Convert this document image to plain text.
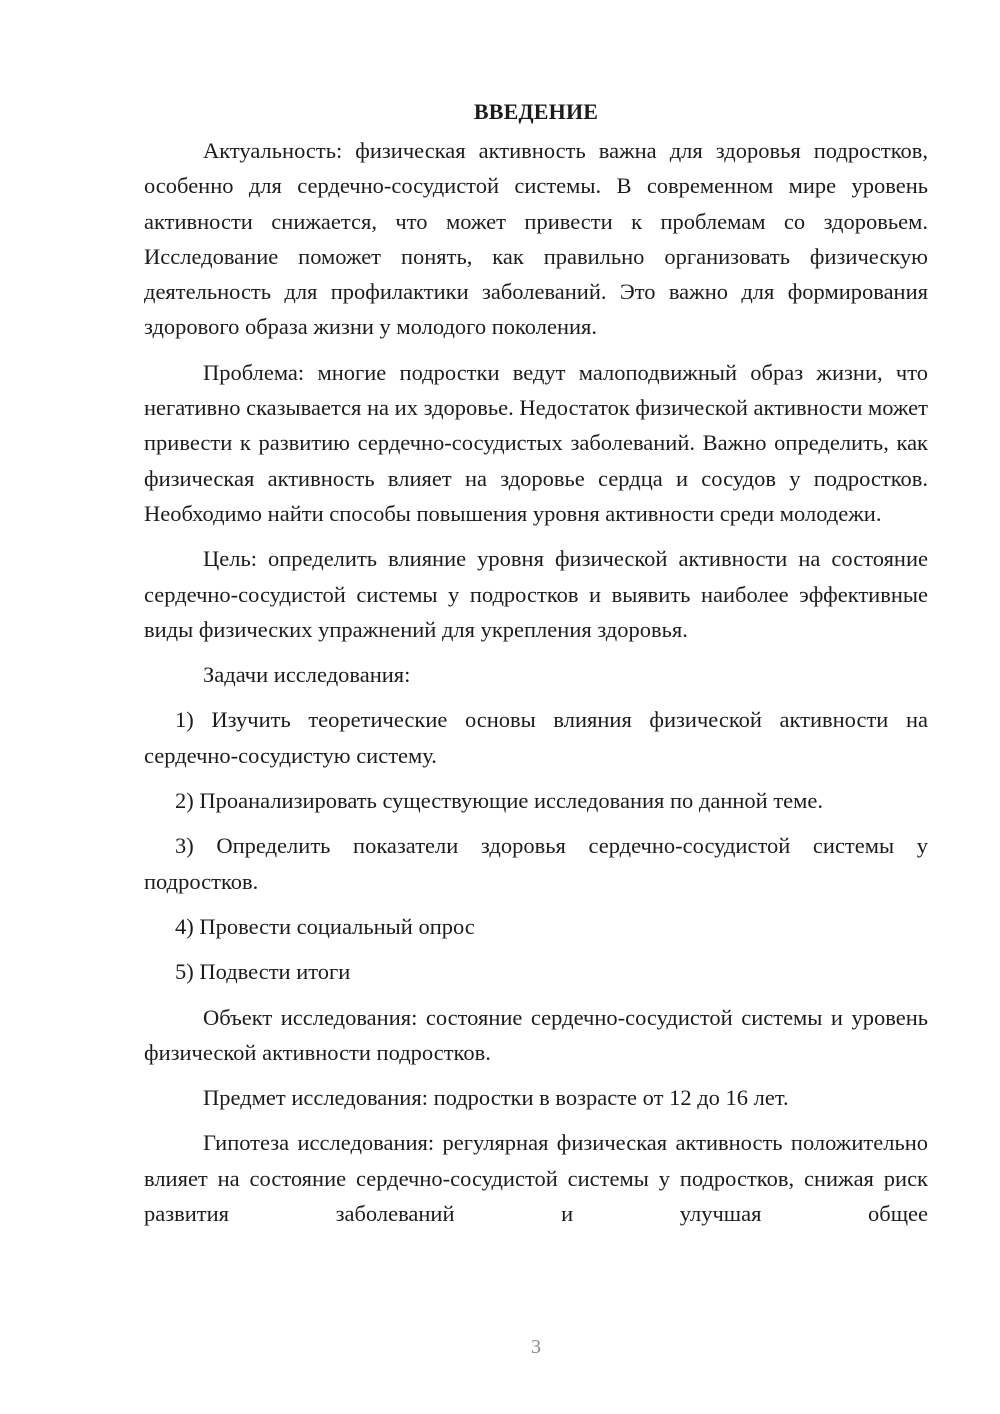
ВВЕДЕНИЕ

Актуальность: физическая активность важна для здоровья подростков, особенно для сердечно-сосудистой системы. В современном мире уровень активности снижается, что может привести к проблемам со здоровьем. Исследование поможет понять, как правильно организовать физическую деятельность для профилактики заболеваний. Это важно для формирования здорового образа жизни у молодого поколения.

Проблема: многие подростки ведут малоподвижный образ жизни, что негативно сказывается на их здоровье. Недостаток физической активности может привести к развитию сердечно-сосудистых заболеваний. Важно определить, как физическая активность влияет на здоровье сердца и сосудов у подростков. Необходимо найти способы повышения уровня активности среди молодежи.

Цель: определить влияние уровня физической активности на состояние сердечно-сосудистой системы у подростков и выявить наиболее эффективные виды физических упражнений для укрепления здоровья.

Задачи исследования:

1) Изучить теоретические основы влияния физической активности на сердечно-сосудистую систему.

2) Проанализировать существующие исследования по данной теме.

3) Определить показатели здоровья сердечно-сосудистой системы у подростков.

4) Провести социальный опрос

5) Подвести итоги

Объект исследования: состояние сердечно-сосудистой системы и уровень физической активности подростков.

Предмет исследования: подростки в возрасте от 12 до 16 лет.

Гипотеза исследования: регулярная физическая активность положительно влияет на состояние сердечно-сосудистой системы у подростков, снижая риск развития заболеваний и улучшая общее

3
